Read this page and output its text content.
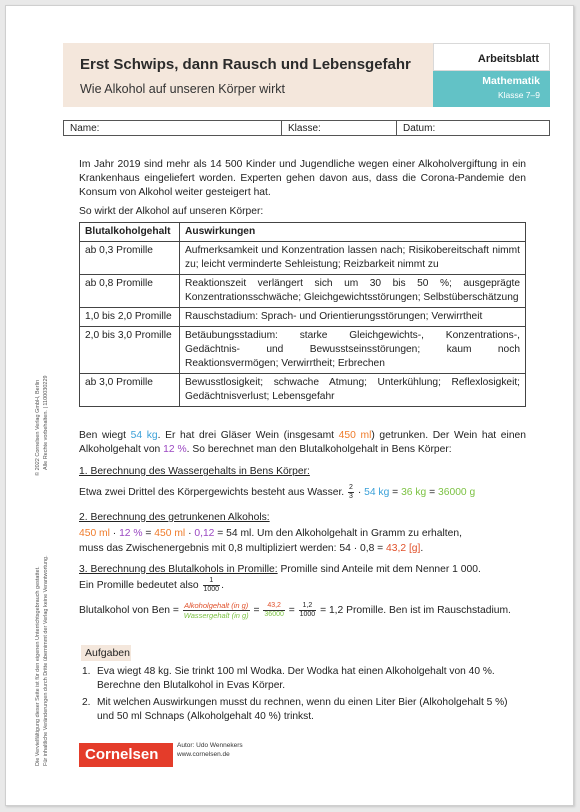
Erst Schwips, dann Rausch und Lebensgefahr
Wie Alkohol auf unseren Körper wirkt
Arbeitsblatt
Mathematik
Klasse 7–9
Name:	Klasse:	Datum:
© 2022 Cornelsen Verlag GmbH, Berlin Alle Rechte vorbehalten. | 1100030229
Die Vervielfältigung dieser Seite ist für den eigenen Unterrichtsgebrauch gestattet. Für inhaltliche Veränderungen durch Dritte übernimmt der Verlag keine Verantwortung.

Im Jahr 2019 sind mehr als 14 500 Kinder und Jugendliche wegen einer Alkoholvergiftung in ein Krankenhaus eingeliefert worden. Experten gehen davon aus, dass die Corona-Pandemie den Konsum von Alkohol weiter gesteigert hat.

So wirkt der Alkohol auf unseren Körper:

Blutalkoholgehalt	Auswirkungen
ab 0,3 Promille	Aufmerksamkeit und Konzentration lassen nach; Risikobereitschaft nimmt zu; leicht verminderte Sehleistung; Reizbarkeit nimmt zu
ab 0,8 Promille	Reaktionszeit verlängert sich um 30 bis 50 %; ausgeprägte Konzentrationsschwäche; Gleichgewichtsstörungen; Selbstüberschätzung
1,0 bis 2,0 Promille	Rauschstadium: Sprach- und Orientierungsstörungen; Verwirrtheit
2,0 bis 3,0 Promille	Betäubungsstadium: starke Gleichgewichts-, Konzentrations-, Gedächtnis- und Bewusstseinsstörungen; kaum noch Reaktionsvermögen; Verwirrtheit; Erbrechen
ab 3,0 Promille	Bewusstlosigkeit; schwache Atmung; Unterkühlung; Reflexlosigkeit; Gedächtnisverlust; Lebensgefahr

Ben wiegt 54 kg. Er hat drei Gläser Wein (insgesamt 450 ml) getrunken. Der Wein hat einen Alkoholgehalt von 12 %. So berechnet man den Blutalkoholgehalt in Bens Körper:

1. Berechnung des Wassergehalts in Bens Körper:

Etwa zwei Drittel des Körpergewichts besteht aus Wasser. $\frac{2}{3} \cdot 54$ kg = 36 kg = 36000 g

2. Berechnung des getrunkenen Alkohols:

450 ml · 12 % = 450 ml · 0,12 = 54 ml. Um den Alkoholgehalt in Gramm zu erhalten,

muss das Zwischenergebnis mit 0,8 multipliziert werden: 54 · 0,8 = 43,2 [g].

3. Berechnung des Blutalkohols in Promille: Promille sind Anteile mit dem Nenner 1 000.

Ein Promille bedeutet also $\frac{1}{1000}$ .

Blutalkohol von Ben = $\frac{\text{Alkoholgehalt (in g)}}{\text{Wassergehalt (in g)}} = \frac{43,2}{36000} = \frac{1,2}{1000} = 1,2$ Promille. Ben ist im Rauschstadium.

Aufgaben
1. Eva wiegt 48 kg. Sie trinkt 100 ml Wodka. Der Wodka hat einen Alkoholgehalt von 40 %. Berechne den Blutalkohol in Evas Körper.
2. Mit welchen Auswirkungen musst du rechnen, wenn du einen Liter Bier (Alkoholgehalt 5 %) und 50 ml Schnaps (Alkoholgehalt 40 %) trinkst.
Cornelsen
Autor: Udo Wennekers
www.cornelsen.de
